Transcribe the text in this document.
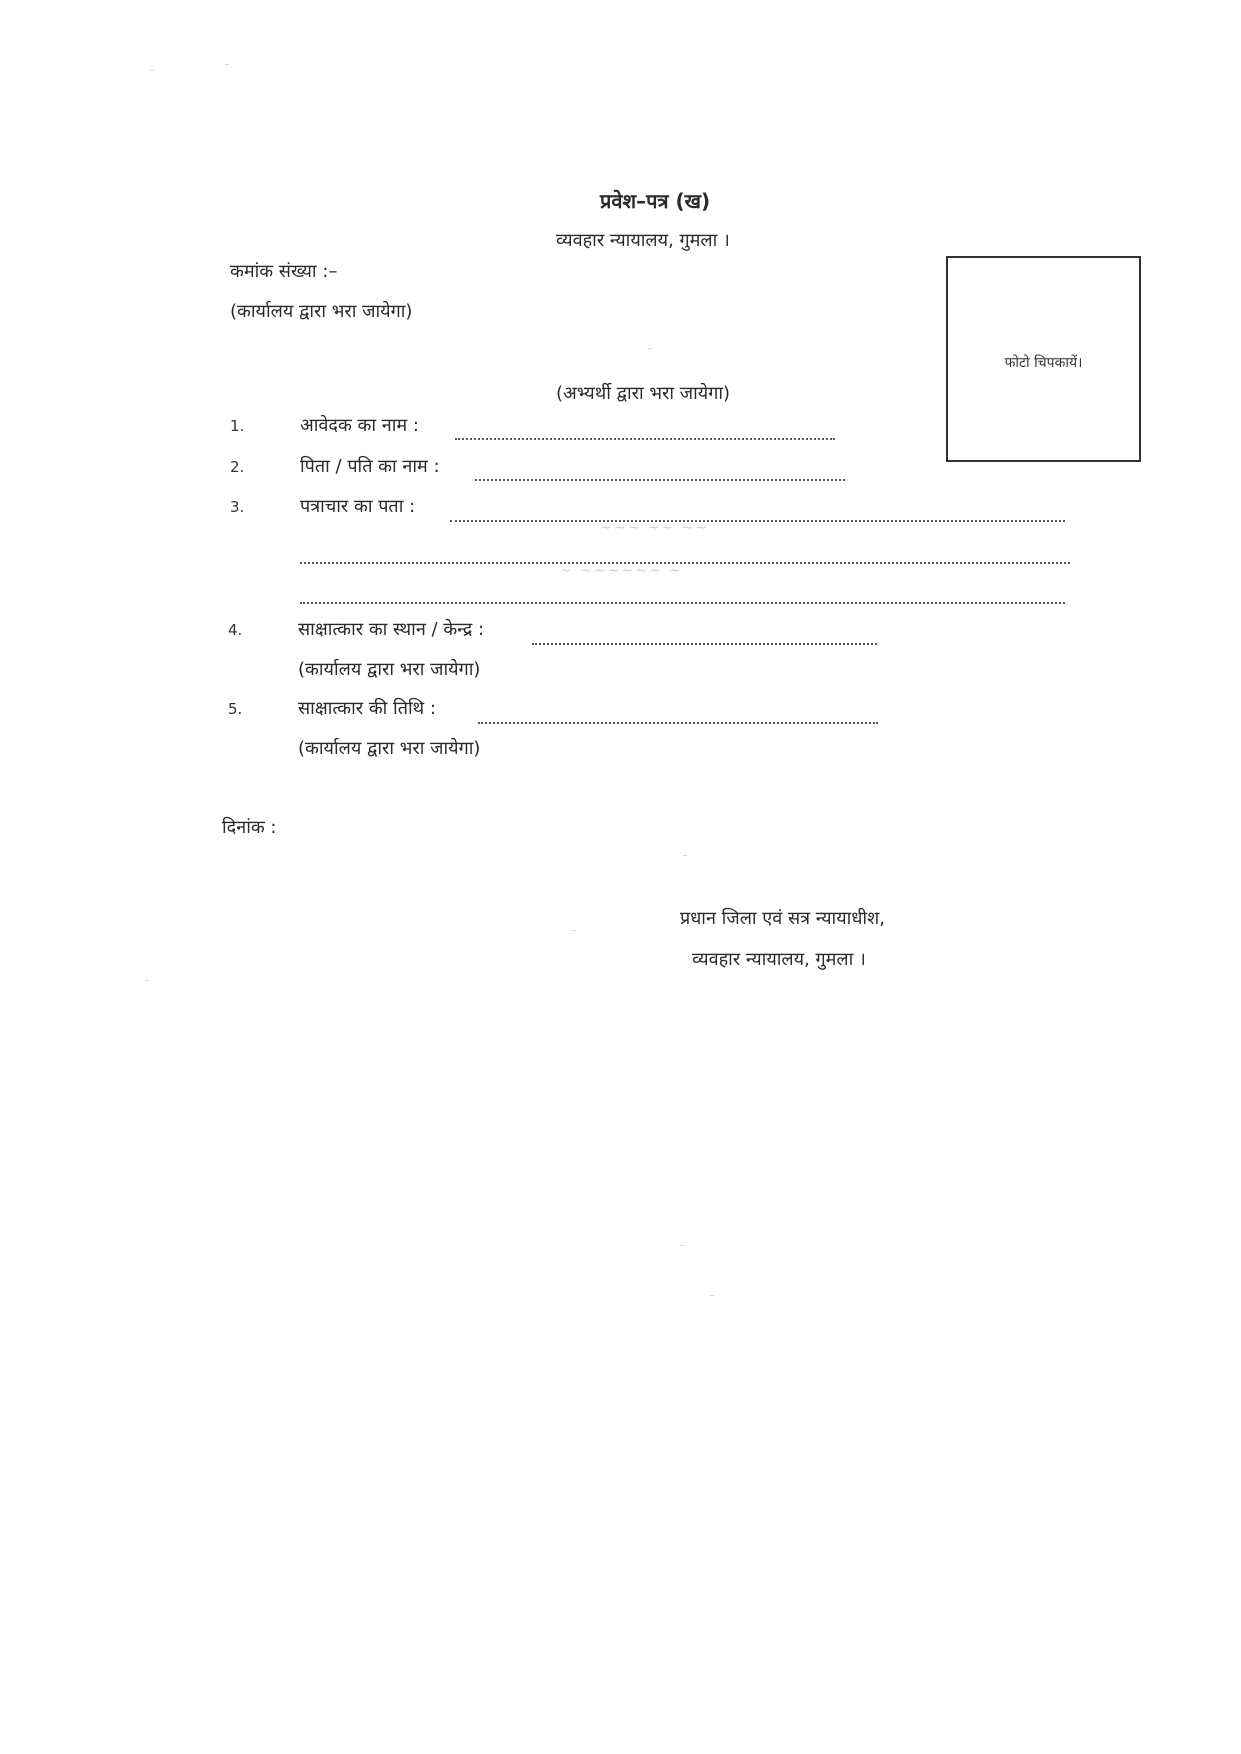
प्रवेश–पत्र (ख)
व्यवहार न्यायालय, गुमला ।
कमांक संख्या :–
(कार्यालय द्वारा भरा जायेगा)
फोटो चिपकायें।
(अभ्यर्थी द्वारा भरा जायेगा)
1.	आवेदक का नाम :
2.	पिता / पति का नाम :
3.	पत्राचार का पता :
~~~ ~~ ~~
~ ~~~~~~ ~
4.	साक्षात्कार का स्थान / केन्द्र :
(कार्यालय द्वारा भरा जायेगा)
5.	साक्षात्कार की तिथि :
(कार्यालय द्वारा भरा जायेगा)
दिनांक :
प्रधान जिला एवं सत्र न्यायाधीश,
व्यवहार न्यायालय, गुमला ।
